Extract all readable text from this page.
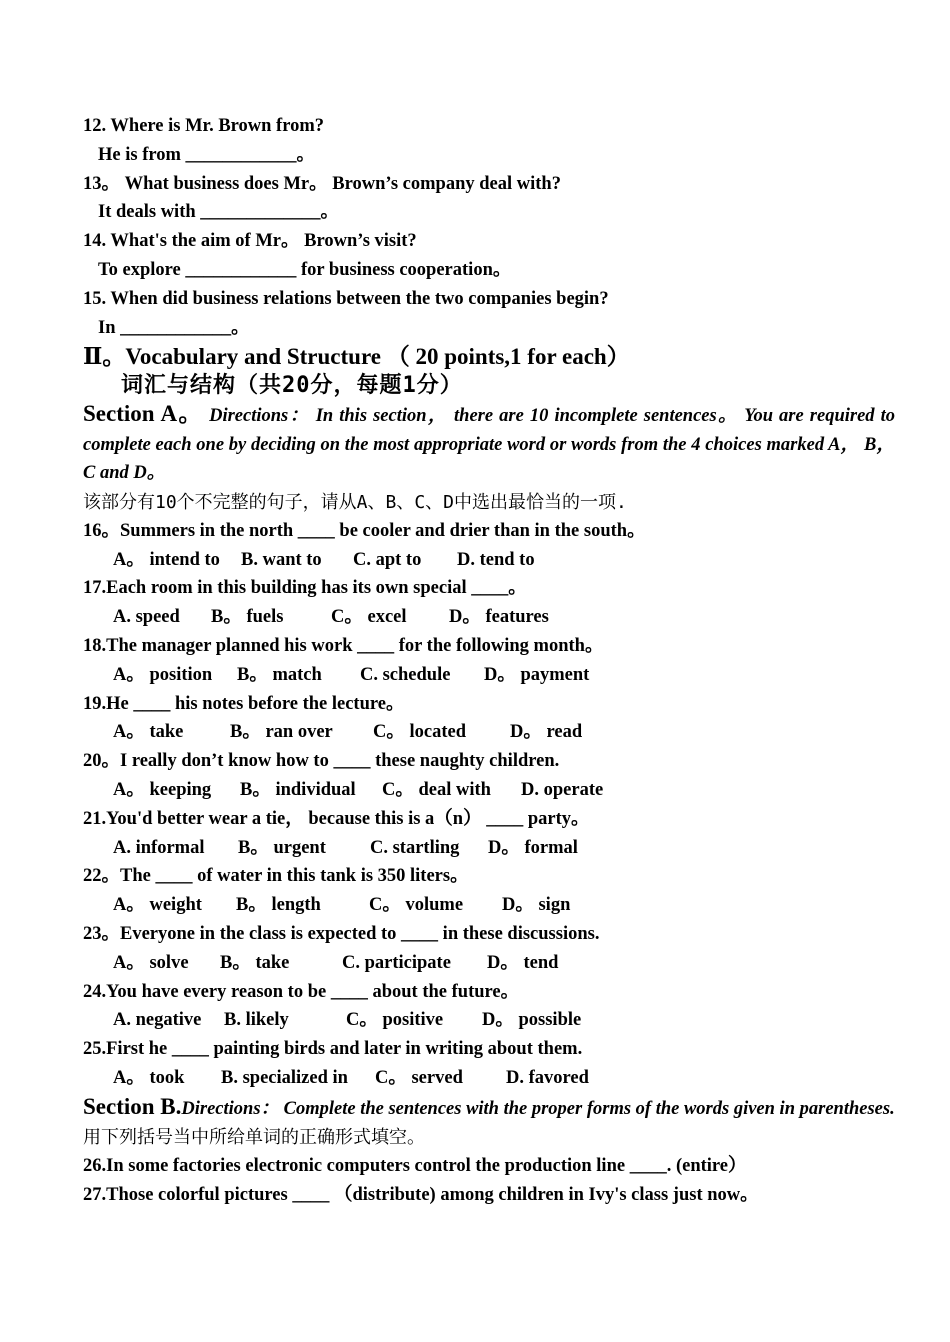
12. Where is Mr. Brown from?
He is from ____________。
13。 What business does Mr。 Brown’s company deal with?
It deals with _____________。
14. What's the aim of Mr。 Brown’s visit?
To explore ____________ for business cooperation。
15. When did business relations between the two companies begin?
In ____________。
Ⅱ。Vocabulary and Structure （ 20 points,1 for each）
词汇与结构（共20分，每题1分）
Section A。 Directions： In this section， there are 10 incomplete sentences。 You are required to complete each one by deciding on the most appropriate word or words from the 4 choices marked A， B， C and D。
该部分有10个不完整的句子，请从A、B、C、D中选出最恰当的一项.
16。Summers in the north ____ be cooler and drier than in the south。
A。 intend to	B. want to	C. apt to	D. tend to
17.Each room in this building has its own special ____。
A. speed	B。 fuels	C。 excel	D。 features
18.The manager planned his work ____ for the following month。
A。 position	B。 match	C. schedule	D。 payment
19.He ____ his notes before the lecture。
A。 take	B。 ran over	C。 located	D。 read
20。I really don’t know how to ____ these naughty children.
A。 keeping	B。 individual	C。 deal with	D. operate
21.You'd better wear a tie， because this is a（n） ____ party。
A. informal	B。 urgent	C. startling	D。 formal
22。The ____ of water in this tank is 350 liters。
A。 weight	B。 length	C。 volume	D。 sign
23。Everyone in the class is expected to ____ in these discussions.
A。 solve	B。 take	C. participate	D。 tend
24.You have every reason to be ____ about the future。
A. negative	B. likely	C。 positive	D。 possible
25.First he ____ painting birds and later in writing about them.
A。 took	B. specialized in	C。 served	D. favored
Section B.Directions： Complete the sentences with the proper forms of the words given in parentheses.
用下列括号当中所给单词的正确形式填空。
26.In some factories electronic computers control the production line ____. (entire）
27.Those colorful pictures ____ （distribute) among children in Ivy's class just now。
